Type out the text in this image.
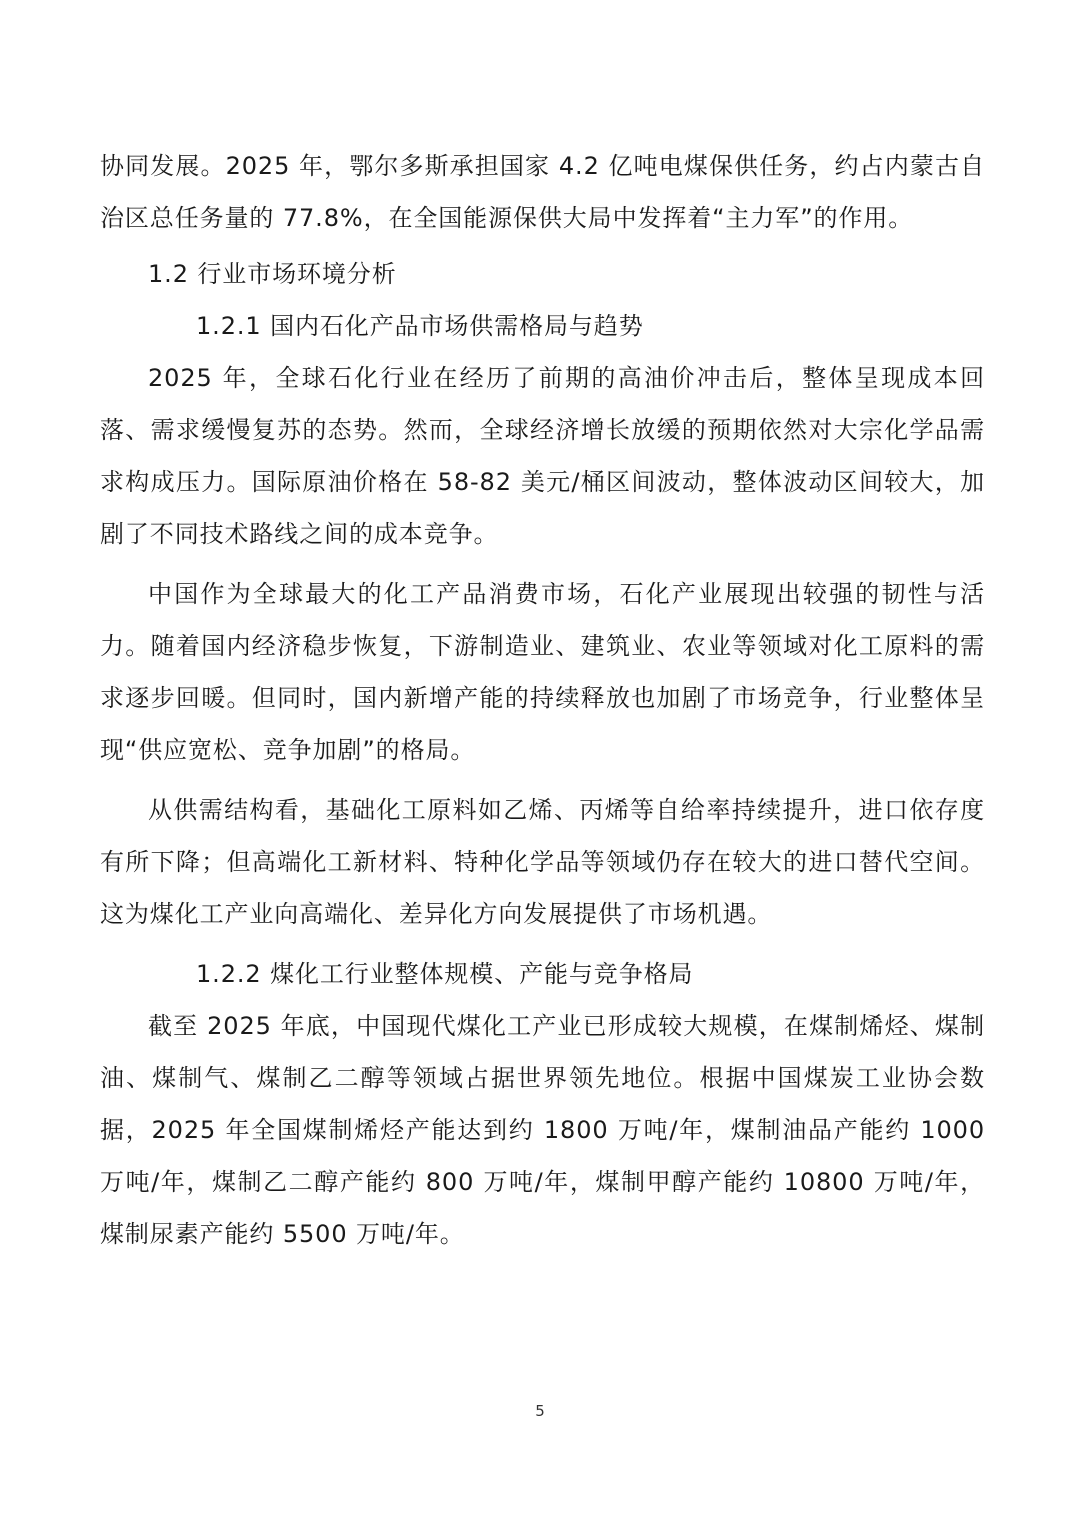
协同发展。2025 年，鄂尔多斯承担国家 4.2 亿吨电煤保供任务，约占内蒙古自治区总任务量的 77.8%，在全国能源保供大局中发挥着“主力军”的作用。

1.2 行业市场环境分析
1.2.1 国内石化产品市场供需格局与趋势

2025 年，全球石化行业在经历了前期的高油价冲击后，整体呈现成本回落、需求缓慢复苏的态势。然而，全球经济增长放缓的预期依然对大宗化学品需求构成压力。国际原油价格在 58-82 美元/桶区间波动，整体波动区间较大，加剧了不同技术路线之间的成本竞争。

中国作为全球最大的化工产品消费市场，石化产业展现出较强的韧性与活力。随着国内经济稳步恢复，下游制造业、建筑业、农业等领域对化工原料的需求逐步回暖。但同时，国内新增产能的持续释放也加剧了市场竞争，行业整体呈现“供应宽松、竞争加剧”的格局。

从供需结构看，基础化工原料如乙烯、丙烯等自给率持续提升，进口依存度有所下降；但高端化工新材料、特种化学品等领域仍存在较大的进口替代空间。这为煤化工产业向高端化、差异化方向发展提供了市场机遇。

1.2.2 煤化工行业整体规模、产能与竞争格局

截至 2025 年底，中国现代煤化工产业已形成较大规模，在煤制烯烃、煤制油、煤制气、煤制乙二醇等领域占据世界领先地位。根据中国煤炭工业协会数据，2025 年全国煤制烯烃产能达到约 1800 万吨/年，煤制油品产能约 1000 万吨/年，煤制乙二醇产能约 800 万吨/年，煤制甲醇产能约 10800 万吨/年，煤制尿素产能约 5500 万吨/年。

5
